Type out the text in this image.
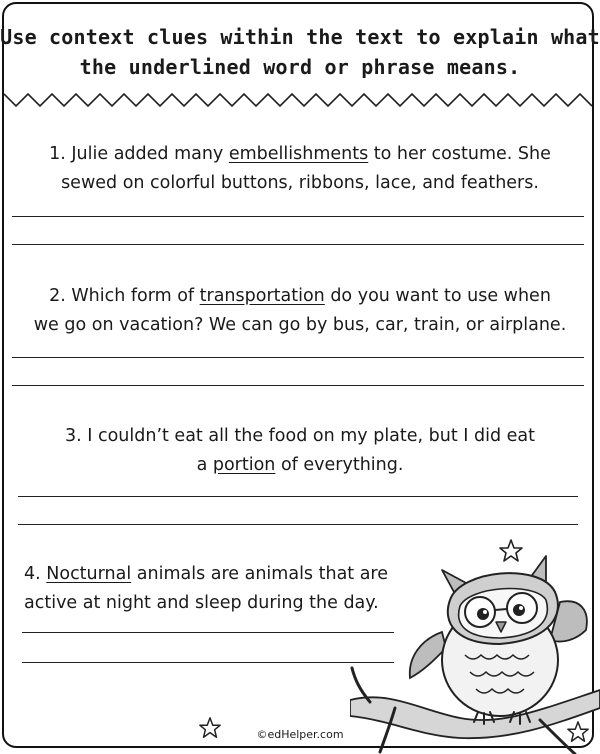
Use context clues within the text to explain what
the underlined word or phrase means.
1. Julie added many embellishments to her costume. She
sewed on colorful buttons, ribbons, lace, and feathers.
2. Which form of transportation do you want to use when
we go on vacation? We can go by bus, car, train, or airplane.
3. I couldn’t eat all the food on my plate, but I did eat
a portion of everything.
4. Nocturnal animals are animals that are
active at night and sleep during the day.
©edHelper.com
